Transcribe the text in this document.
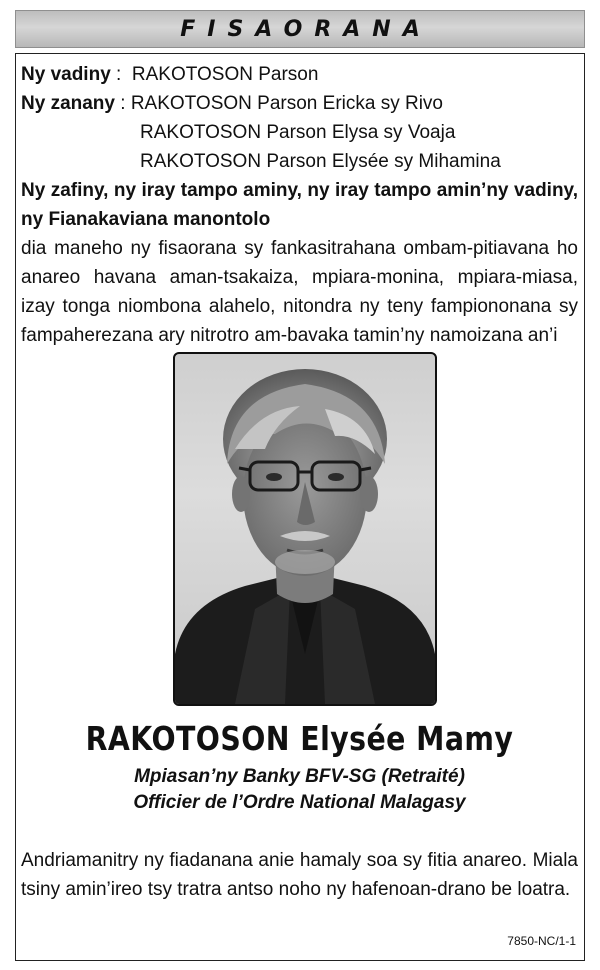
FISAORANA
Ny vadiny :  RAKOTOSON Parson
Ny zanany : RAKOTOSON Parson Ericka sy Rivo
RAKOTOSON Parson Elysa sy Voaja
RAKOTOSON Parson Elysée sy Mihamina
Ny zafiny, ny iray tampo aminy, ny iray tampo amin’ny vadiny, ny Fianakaviana manontolo
dia maneho ny fisaorana sy fankasitrahana ombam-pitiavana ho anareo havana aman-tsakaiza, mpiara-monina, mpiara-miasa, izay tonga niombona alahelo, nitondra ny teny fampiononana sy fampaherezana ary nitrotro am-bavaka tamin’ny namoizana an’i
RAKOTOSON Elysée Mamy
Mpiasan’ny Banky BFV-SG (Retraité)
Officier de l’Ordre National Malagasy
Andriamanitry ny fiadanana anie hamaly soa sy fitia anareo. Miala tsiny amin’ireo tsy tratra antso noho ny hafenoan-drano be loatra.
7850-NC/1-1
